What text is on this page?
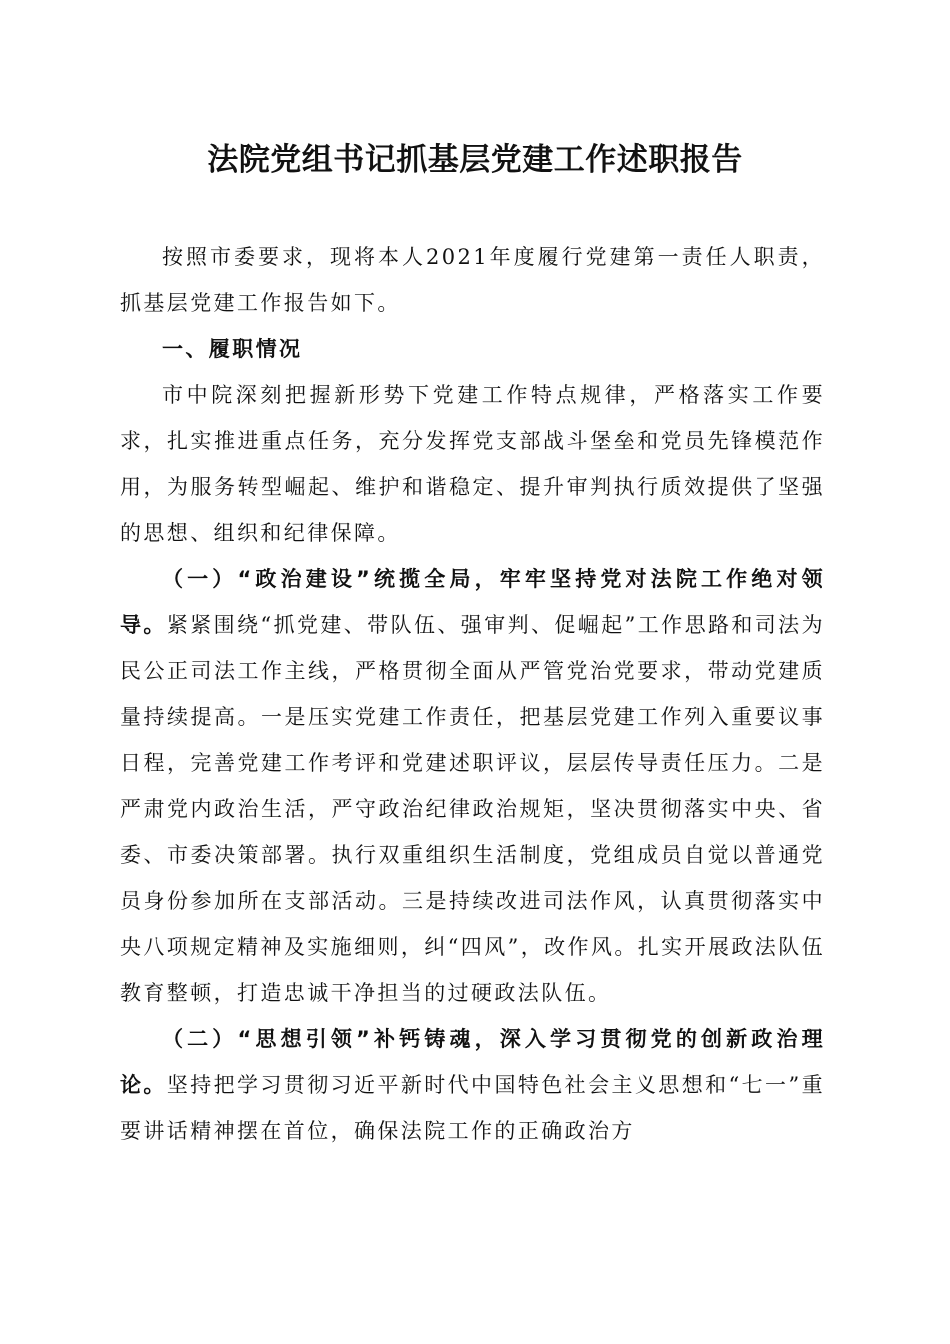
法院党组书记抓基层党建工作述职报告

按照市委要求，现将本人2021年度履行党建第一责任人职责，抓基层党建工作报告如下。

一、履职情况

市中院深刻把握新形势下党建工作特点规律，严格落实工作要求，扎实推进重点任务，充分发挥党支部战斗堡垒和党员先锋模范作用，为服务转型崛起、维护和谐稳定、提升审判执行质效提供了坚强的思想、组织和纪律保障。

（一）“政治建设”统揽全局，牢牢坚持党对法院工作绝对领导。紧紧围绕“抓党建、带队伍、强审判、促崛起”工作思路和司法为民公正司法工作主线，严格贯彻全面从严管党治党要求，带动党建质量持续提高。一是压实党建工作责任，把基层党建工作列入重要议事日程，完善党建工作考评和党建述职评议，层层传导责任压力。二是严肃党内政治生活，严守政治纪律政治规矩，坚决贯彻落实中央、省委、市委决策部署。执行双重组织生活制度，党组成员自觉以普通党员身份参加所在支部活动。三是持续改进司法作风，认真贯彻落实中央八项规定精神及实施细则，纠“四风”，改作风。扎实开展政法队伍教育整顿，打造忠诚干净担当的过硬政法队伍。

（二）“思想引领”补钙铸魂，深入学习贯彻党的创新政治理论。坚持把学习贯彻习近平新时代中国特色社会主义思想和“七一”重要讲话精神摆在首位，确保法院工作的正确政治方
